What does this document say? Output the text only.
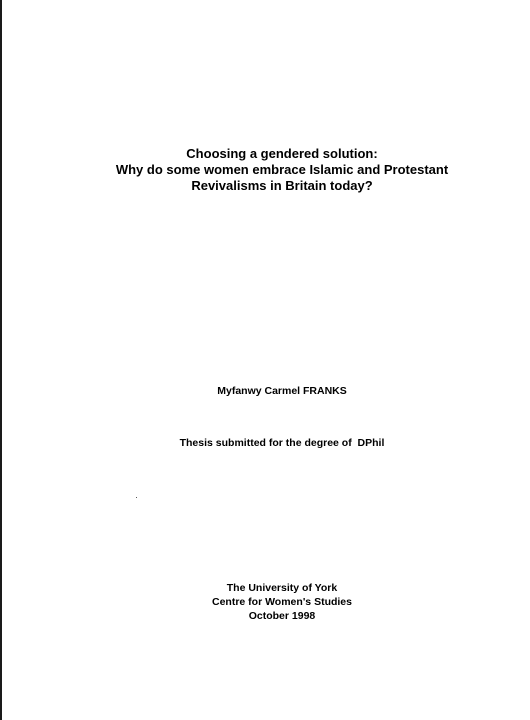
Choosing a gendered solution:
Why do some women embrace Islamic and Protestant
Revivalisms in Britain today?
Myfanwy Carmel FRANKS
Thesis submitted for the degree of  DPhil
The University of York
Centre for Women's Studies
October 1998
